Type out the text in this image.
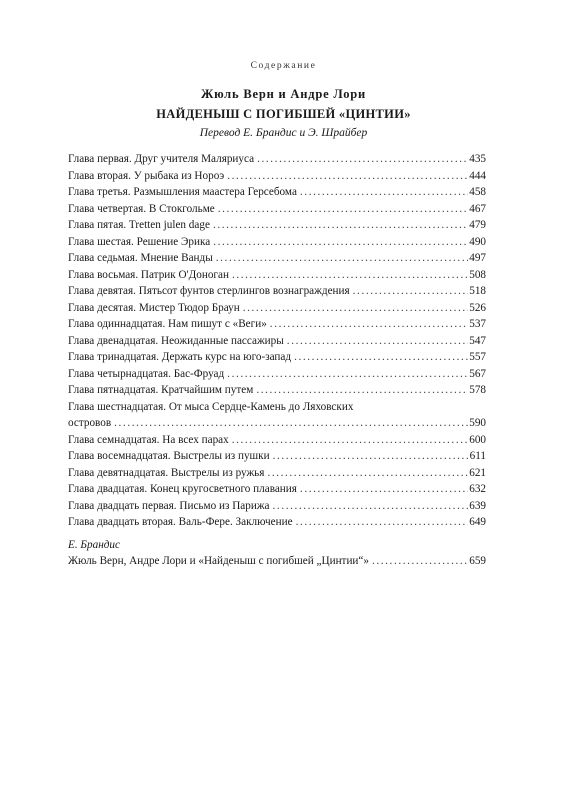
Содержание
Жюль Верн и Андре Лори
НАЙДЕНЫШ С ПОГИБШЕЙ «ЦИНТИИ»
Перевод Е. Брандис и Э. Шрайбер
Глава первая. Друг учителя Маляриуса . . .	435
Глава вторая. У рыбака из Нороэ . . .	444
Глава третья. Размышления маастера Герсебома . . .	458
Глава четвертая. В Стокгольме . . .	467
Глава пятая. Tretten julen dage . . .	479
Глава шестая. Решение Эрика . . .	490
Глава седьмая. Мнение Ванды . . .	497
Глава восьмая. Патрик О'Доноган . . .	508
Глава девятая. Пятьсот фунтов стерлингов вознаграждения . . .	518
Глава десятая. Мистер Тюдор Браун . . .	526
Глава одиннадцатая. Нам пишут с «Веги» . . .	537
Глава двенадцатая. Неожиданные пассажиры . . .	547
Глава тринадцатая. Держать курс на юго-запад . . .	557
Глава четырнадцатая. Бас-Фруад . . .	567
Глава пятнадцатая. Кратчайшим путем . . .	578
Глава шестнадцатая. От мыса Сердце-Камень до Ляховских
островов . . .	590
Глава семнадцатая. На всех парах . . .	600
Глава восемнадцатая. Выстрелы из пушки . . .	611
Глава девятнадцатая. Выстрелы из ружья . . .	621
Глава двадцатая. Конец кругосветного плавания . . .	632
Глава двадцать первая. Письмо из Парижа . . .	639
Глава двадцать вторая. Валь-Фере. Заключение . . .	649
Е. Брандис
Жюль Верн, Андре Лори и «Найденыш с погибшей „Цинтии“» . . .	659
